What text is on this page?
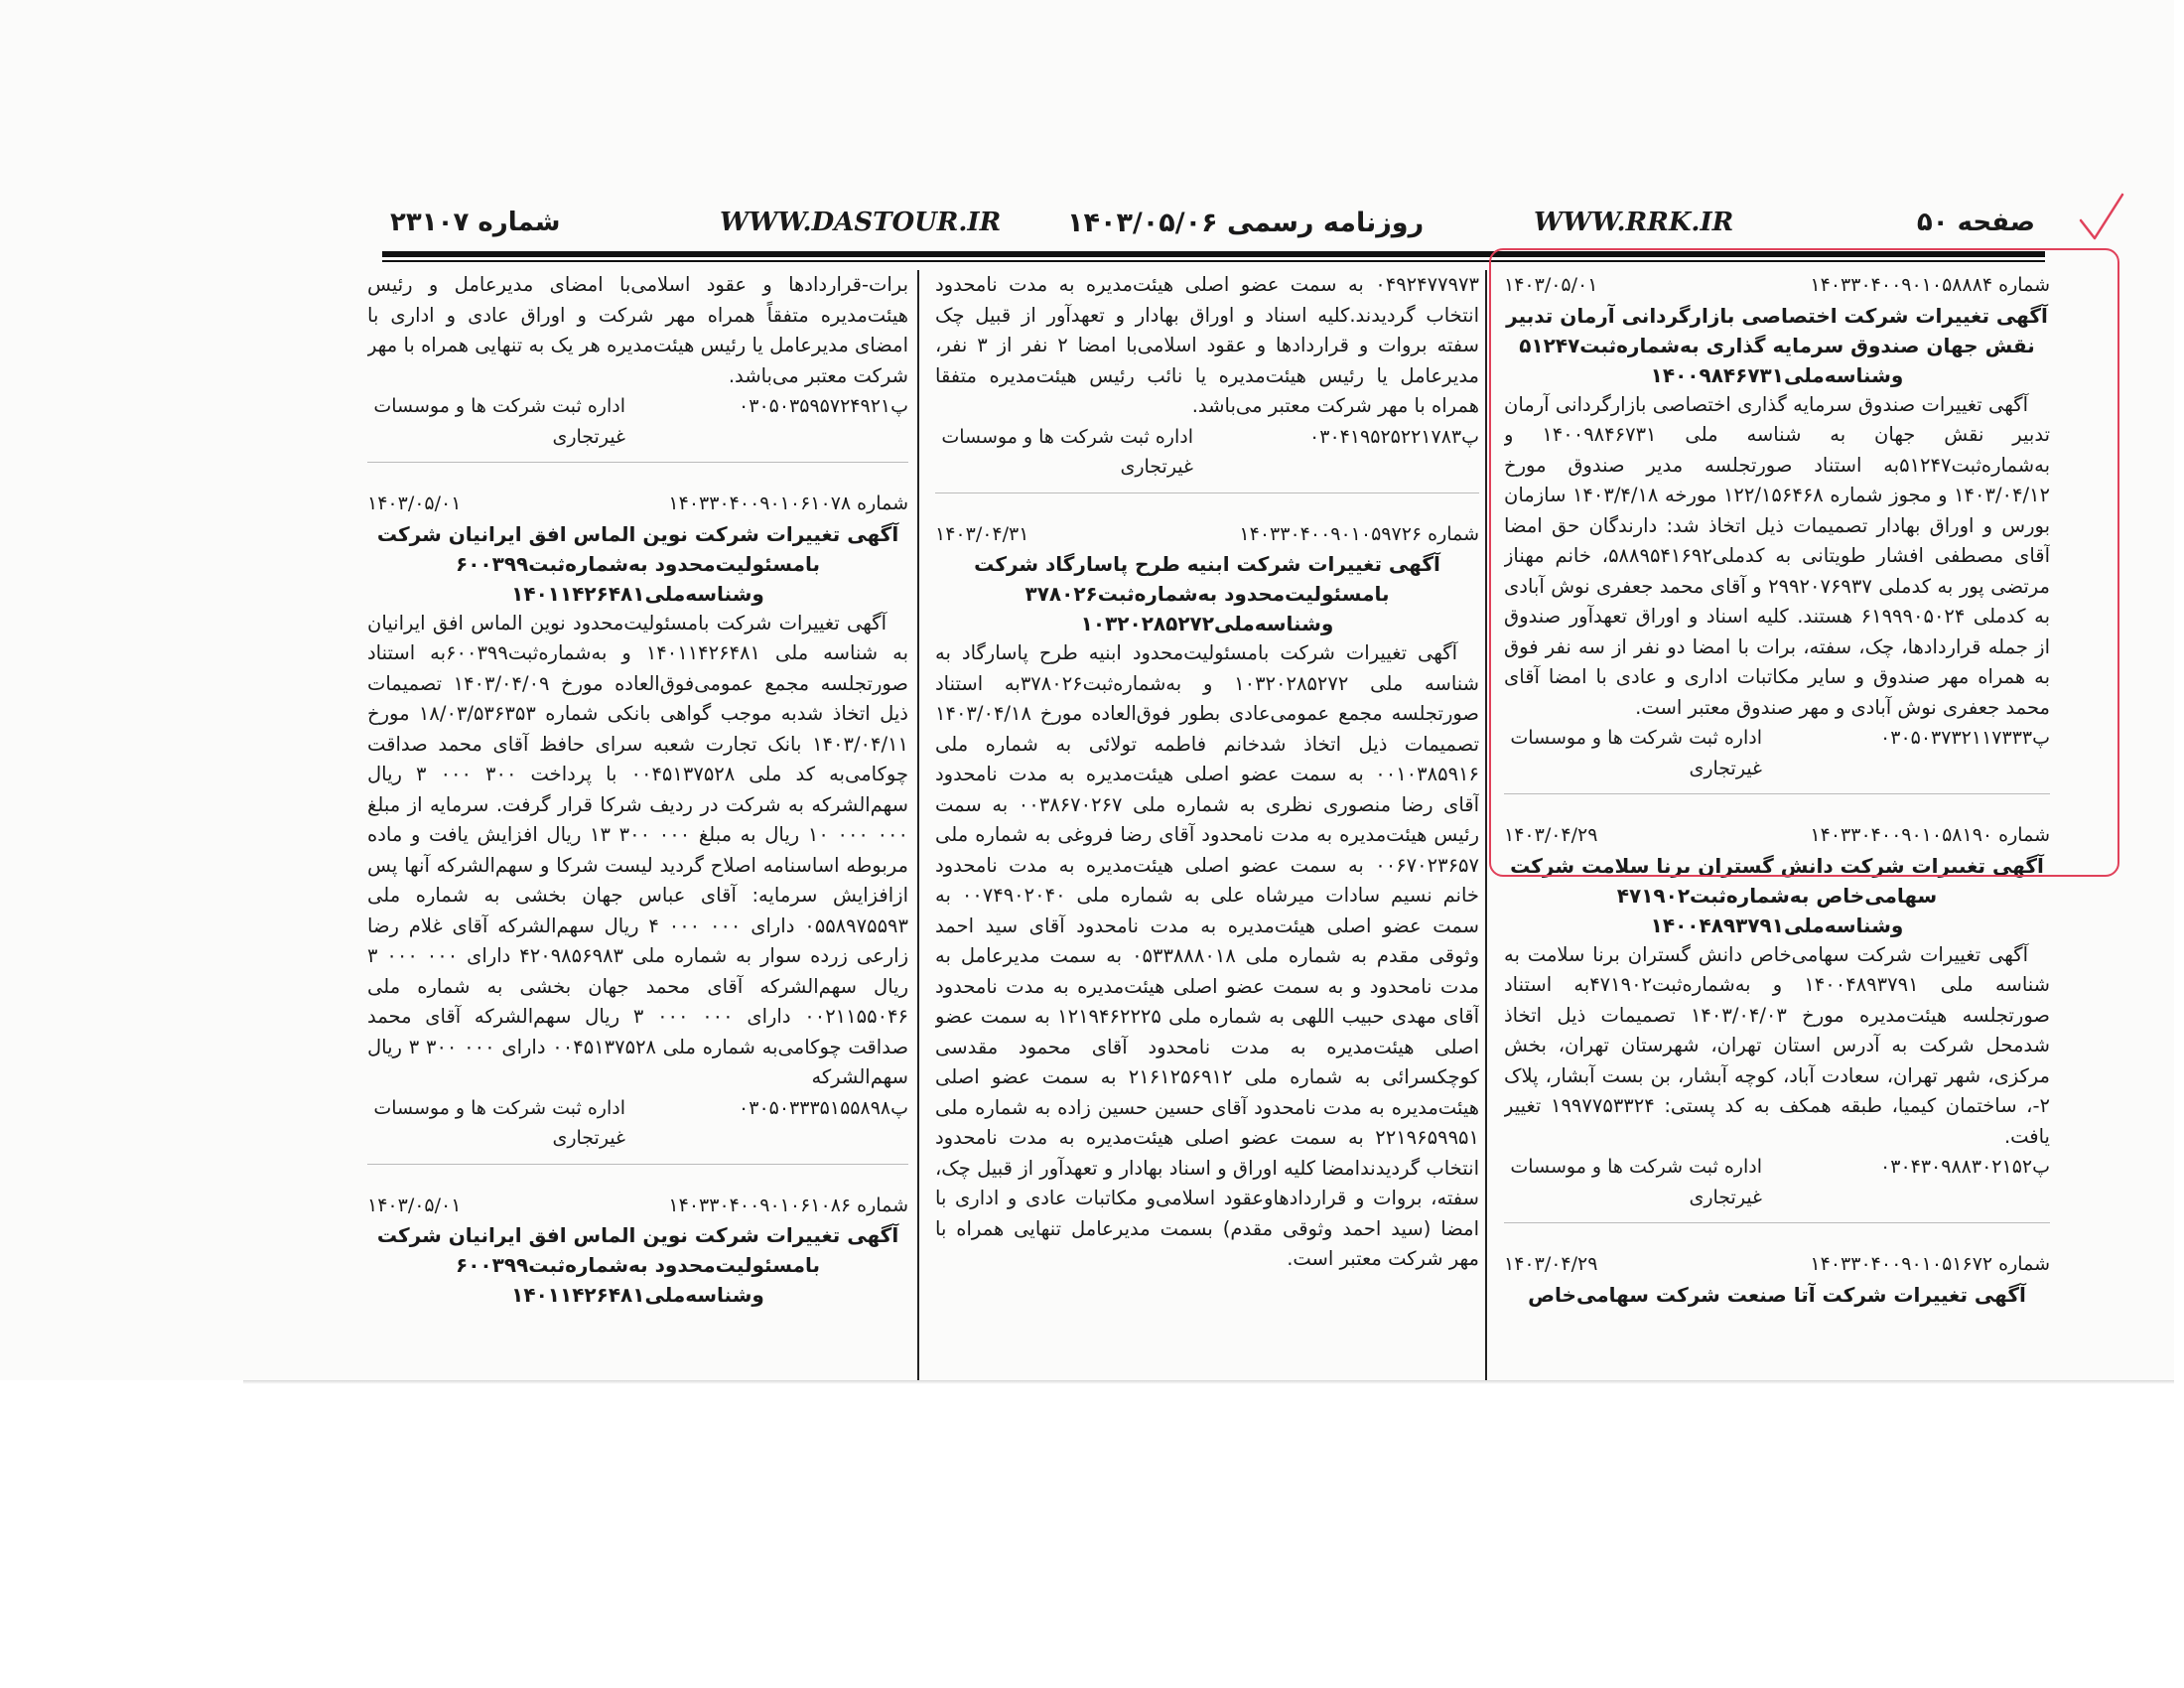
شماره ۲۳۱۰۷	WWW.DASTOUR.IR روزنامه رسمی ۱۴۰۳/۰۵/۰۶	WWW.RRK.IR	صفحه ۵۰
شماره ۱۴۰۳۳۰۴۰۰۹۰۱۰۵۸۸۸۴
۱۴۰۳/۰۵/۰۱
آگهی تغییرات شرکت اختصاصی بازارگردانی آرمان تدبیر نقش جهان صندوق سرمایه گذاری به‌شماره‌ثبت۵۱۲۴۷ وشناسه‌ملی۱۴۰۰۹۸۴۶۷۳۱
آگهی تغییرات صندوق سرمایه گذاری اختصاصی بازارگردانی آرمان تدبیر نقش جهان به شناسه ملی ۱۴۰۰۹۸۴۶۷۳۱ و به‌شماره‌ثبت۵۱۲۴۷به استناد صورتجلسه مدیر صندوق مورخ ۱۴۰۳/۰۴/۱۲ و مجوز شماره ۱۲۲/۱۵۶۴۶۸ مورخه ۱۴۰۳/۴/۱۸ سازمان بورس و اوراق بهادار تصمیمات ذیل اتخاذ شد: دارندگان حق امضا آقای مصطفی افشار طویتانی به کدملی۵۸۸۹۵۴۱۶۹۲، خانم مهناز مرتضی پور به کدملی ۲۹۹۲۰۷۶۹۳۷ و آقای محمد جعفری نوش آبادی به کدملی ۶۱۹۹۹۰۵۰۲۴ هستند. کلیه اسناد و اوراق تعهدآور صندوق از جمله قراردادها، چک، سفته، برات با امضا دو نفر از سه نفر فوق به همراه مهر صندوق و سایر مکاتبات اداری و عادی با امضا آقای محمد جعفری نوش آبادی و مهر صندوق معتبر است.
پ۰۳۰۵۰۳۷۳۲۱۱۷۳۳۳
اداره ثبت شرکت ها و موسسات غیرتجاری
شماره ۱۴۰۳۳۰۴۰۰۹۰۱۰۵۸۱۹۰
۱۴۰۳/۰۴/۲۹
آگهی تغییرات شرکت دانش گستران برنا سلامت شرکت سهامی‌خاص به‌شماره‌ثبت۴۷۱۹۰۲ وشناسه‌ملی۱۴۰۰۴۸۹۳۷۹۱
آگهی تغییرات شرکت سهامی‌خاص دانش گستران برنا سلامت به شناسه ملی ۱۴۰۰۴۸۹۳۷۹۱ و به‌شماره‌ثبت۴۷۱۹۰۲به استناد صورتجلسه هیئت‌مدیره مورخ ۱۴۰۳/۰۴/۰۳ تصمیمات ذیل اتخاذ شدمحل شرکت به آدرس استان تهران، شهرستان تهران، بخش مرکزی، شهر تهران، سعادت آباد، کوچه آبشار، بن بست آبشار، پلاک ۲-، ساختمان کیمیا، طبقه همکف به کد پستی: ۱۹۹۷۷۵۳۳۲۴ تغییر یافت.
پ۰۳۰۴۳۰۹۸۸۳۰۲۱۵۲
اداره ثبت شرکت ها و موسسات غیرتجاری
شماره ۱۴۰۳۳۰۴۰۰۹۰۱۰۵۱۶۷۲
۱۴۰۳/۰۴/۲۹
آگهی تغییرات شرکت آتا صنعت شرکت سهامی‌خاص
۰۴۹۲۴۷۷۹۷۳ به سمت عضو اصلی هیئت‌مدیره به مدت نامحدود انتخاب گردیدند.کلیه اسناد و اوراق بهادار و تعهدآور از قبیل چک سفته بروات و قراردادها و عقود اسلامی‌با امضا ۲ نفر از ۳ نفر، مدیرعامل یا رئیس هیئت‌مدیره یا نائب رئیس هیئت‌مدیره متفقا همراه با مهر شرکت معتبر می‌باشد.
پ۰۳۰۴۱۹۵۲۵۲۲۱۷۸۳
اداره ثبت شرکت ها و موسسات غیرتجاری
شماره ۱۴۰۳۳۰۴۰۰۹۰۱۰۵۹۷۲۶
۱۴۰۳/۰۴/۳۱
آگهی تغییرات شرکت ابنیه طرح پاسارگاد شرکت بامسئولیت‌محدود به‌شماره‌ثبت۳۷۸۰۲۶ وشناسه‌ملی۱۰۳۲۰۲۸۵۲۷۲
آگهی تغییرات شرکت بامسئولیت‌محدود ابنیه طرح پاسارگاد به شناسه ملی ۱۰۳۲۰۲۸۵۲۷۲ و به‌شماره‌ثبت۳۷۸۰۲۶به استناد صورتجلسه مجمع عمومی‌عادی بطور فوق‌العاده مورخ ۱۴۰۳/۰۴/۱۸ تصمیمات ذیل اتخاذ شدخانم فاطمه تولائی به شماره ملی ۰۰۱۰۳۸۵۹۱۶ به سمت عضو اصلی هیئت‌مدیره به مدت نامحدود آقای رضا منصوری نظری به شماره ملی ۰۰۳۸۶۷۰۲۶۷ به سمت رئیس هیئت‌مدیره به مدت نامحدود آقای رضا فروغی به شماره ملی ۰۰۶۷۰۲۳۶۵۷ به سمت عضو اصلی هیئت‌مدیره به مدت نامحدود خانم نسیم سادات میرشاه علی به شماره ملی ۰۰۷۴۹۰۲۰۴۰ به سمت عضو اصلی هیئت‌مدیره به مدت نامحدود آقای سید احمد وثوقی مقدم به شماره ملی ۰۵۳۳۸۸۸۰۱۸ به سمت مدیرعامل به مدت نامحدود و به سمت عضو اصلی هیئت‌مدیره به مدت نامحدود آقای مهدی حبیب اللهی به شماره ملی ۱۲۱۹۴۶۲۲۲۵ به سمت عضو اصلی هیئت‌مدیره به مدت نامحدود آقای محمود مقدسی کوچکسرائی به شماره ملی ۲۱۶۱۲۵۶۹۱۲ به سمت عضو اصلی هیئت‌مدیره به مدت نامحدود آقای حسین حسین زاده به شماره ملی ۲۲۱۹۶۵۹۹۵۱ به سمت عضو اصلی هیئت‌مدیره به مدت نامحدود انتخاب گردیدندامضا کلیه اوراق و اسناد بهادار و تعهدآور از قبیل چک، سفته، بروات و قراردادهاوعقود اسلامی‌و مکاتبات عادی و اداری با امضا (سید احمد وثوقی مقدم) بسمت مدیرعامل تنهایی همراه با مهر شرکت معتبر است.
برات-قراردادها و عقود اسلامی‌با امضای مدیرعامل و رئیس هیئت‌مدیره متفقاً همراه مهر شرکت و اوراق عادی و اداری با امضای مدیرعامل یا رئیس هیئت‌مدیره هر یک به تنهایی همراه با مهر شرکت معتبر می‌باشد.
پ۰۳۰۵۰۳۵۹۵۷۲۴۹۲۱
اداره ثبت شرکت ها و موسسات غیرتجاری
شماره ۱۴۰۳۳۰۴۰۰۹۰۱۰۶۱۰۷۸
۱۴۰۳/۰۵/۰۱
آگهی تغییرات شرکت نوین الماس افق ایرانیان شرکت بامسئولیت‌محدود به‌شماره‌ثبت۶۰۰۳۹۹ وشناسه‌ملی۱۴۰۱۱۴۲۶۴۸۱
آگهی تغییرات شرکت بامسئولیت‌محدود نوین الماس افق ایرانیان به شناسه ملی ۱۴۰۱۱۴۲۶۴۸۱ و به‌شماره‌ثبت۶۰۰۳۹۹به استناد صورتجلسه مجمع عمومی‌فوق‌العاده مورخ ۱۴۰۳/۰۴/۰۹ تصمیمات ذیل اتخاذ شدبه موجب گواهی بانکی شماره ۱۸/۰۳/۵۳۶۳۵۳ مورخ ۱۴۰۳/۰۴/۱۱ بانک تجارت شعبه سرای حافظ آقای محمد صداقت چوکامی‌به کد ملی ۰۰۴۵۱۳۷۵۲۸ با پرداخت ۳۰۰ ۰۰۰ ۳ ریال سهم‌الشرکه به شرکت در ردیف شرکا قرار گرفت. سرمایه از مبلغ ۰۰۰ ۰۰۰ ۱۰ ریال به مبلغ ۰۰۰ ۳۰۰ ۱۳ ریال افزایش یافت و ماده مربوطه اساسنامه اصلاح گردید لیست شرکا و سهم‌الشرکه آنها پس ازافزایش سرمایه: آقای عباس جهان بخشی به شماره ملی ۰۵۵۸۹۷۵۵۹۳ دارای ۰۰۰ ۰۰۰ ۴ ریال سهم‌الشرکه آقای غلام رضا زارعی زرده سوار به شماره ملی ۴۲۰۹۸۵۶۹۸۳ دارای ۰۰۰ ۰۰۰ ۳ ریال سهم‌الشرکه آقای محمد جهان بخشی به شماره ملی ۰۰۲۱۱۵۵۰۴۶ دارای ۰۰۰ ۰۰۰ ۳ ریال سهم‌الشرکه آقای محمد صداقت چوکامی‌به شماره ملی ۰۰۴۵۱۳۷۵۲۸ دارای ۰۰۰ ۳۰۰ ۳ ریال سهم‌الشرکه
پ۰۳۰۵۰۳۳۳۵۱۵۵۸۹۸
اداره ثبت شرکت ها و موسسات غیرتجاری
شماره ۱۴۰۳۳۰۴۰۰۹۰۱۰۶۱۰۸۶
۱۴۰۳/۰۵/۰۱
آگهی تغییرات شرکت نوین الماس افق ایرانیان شرکت بامسئولیت‌محدود به‌شماره‌ثبت۶۰۰۳۹۹ وشناسه‌ملی۱۴۰۱۱۴۲۶۴۸۱
